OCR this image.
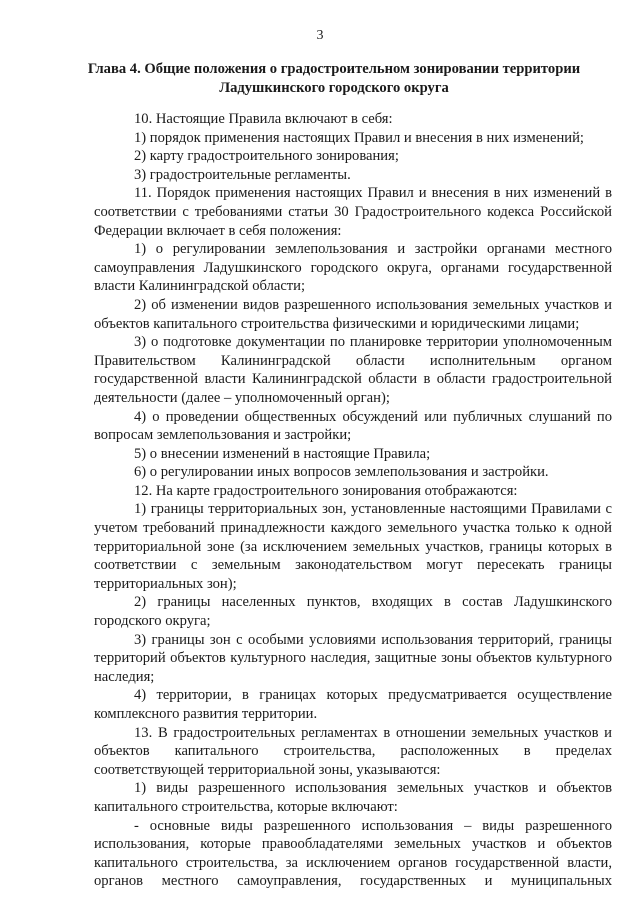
3
Глава 4. Общие положения о градостроительном зонировании территории Ладушкинского городского округа

10. Настоящие Правила включают в себя:

1) порядок применения настоящих Правил и внесения в них изменений;

2) карту градостроительного зонирования;

3) градостроительные регламенты.

11. Порядок применения настоящих Правил и внесения в них изменений в соответствии с требованиями статьи 30 Градостроительного кодекса Российской Федерации включает в себя положения:

1) о регулировании землепользования и застройки органами местного самоуправления Ладушкинского городского округа, органами государственной власти Калининградской области;

2) об изменении видов разрешенного использования земельных участков и объектов капитального строительства физическими и юридическими лицами;

3) о подготовке документации по планировке территории уполномоченным Правительством Калининградской области исполнительным органом государственной власти Калининградской области в области градостроительной деятельности (далее – уполномоченный орган);

4) о проведении общественных обсуждений или публичных слушаний по вопросам землепользования и застройки;

5) о внесении изменений в настоящие Правила;

6) о регулировании иных вопросов землепользования и застройки.

12. На карте градостроительного зонирования отображаются:

1) границы территориальных зон, установленные настоящими Правилами с учетом требований принадлежности каждого земельного участка только к одной территориальной зоне (за исключением земельных участков, границы которых в соответствии с земельным законодательством могут пересекать границы территориальных зон);

2) границы населенных пунктов, входящих в состав Ладушкинского городского округа;

3) границы зон с особыми условиями использования территорий, границы территорий объектов культурного наследия, защитные зоны объектов культурного наследия;

4) территории, в границах которых предусматривается осуществление комплексного развития территории.

13. В градостроительных регламентах в отношении земельных участков и объектов капитального строительства, расположенных в пределах соответствующей территориальной зоны, указываются:

1) виды разрешенного использования земельных участков и объектов капитального строительства, которые включают:

- основные виды разрешенного использования – виды разрешенного использования, которые правообладателями земельных участков и объектов капитального строительства, за исключением органов государственной власти, органов местного самоуправления, государственных и муниципальных
